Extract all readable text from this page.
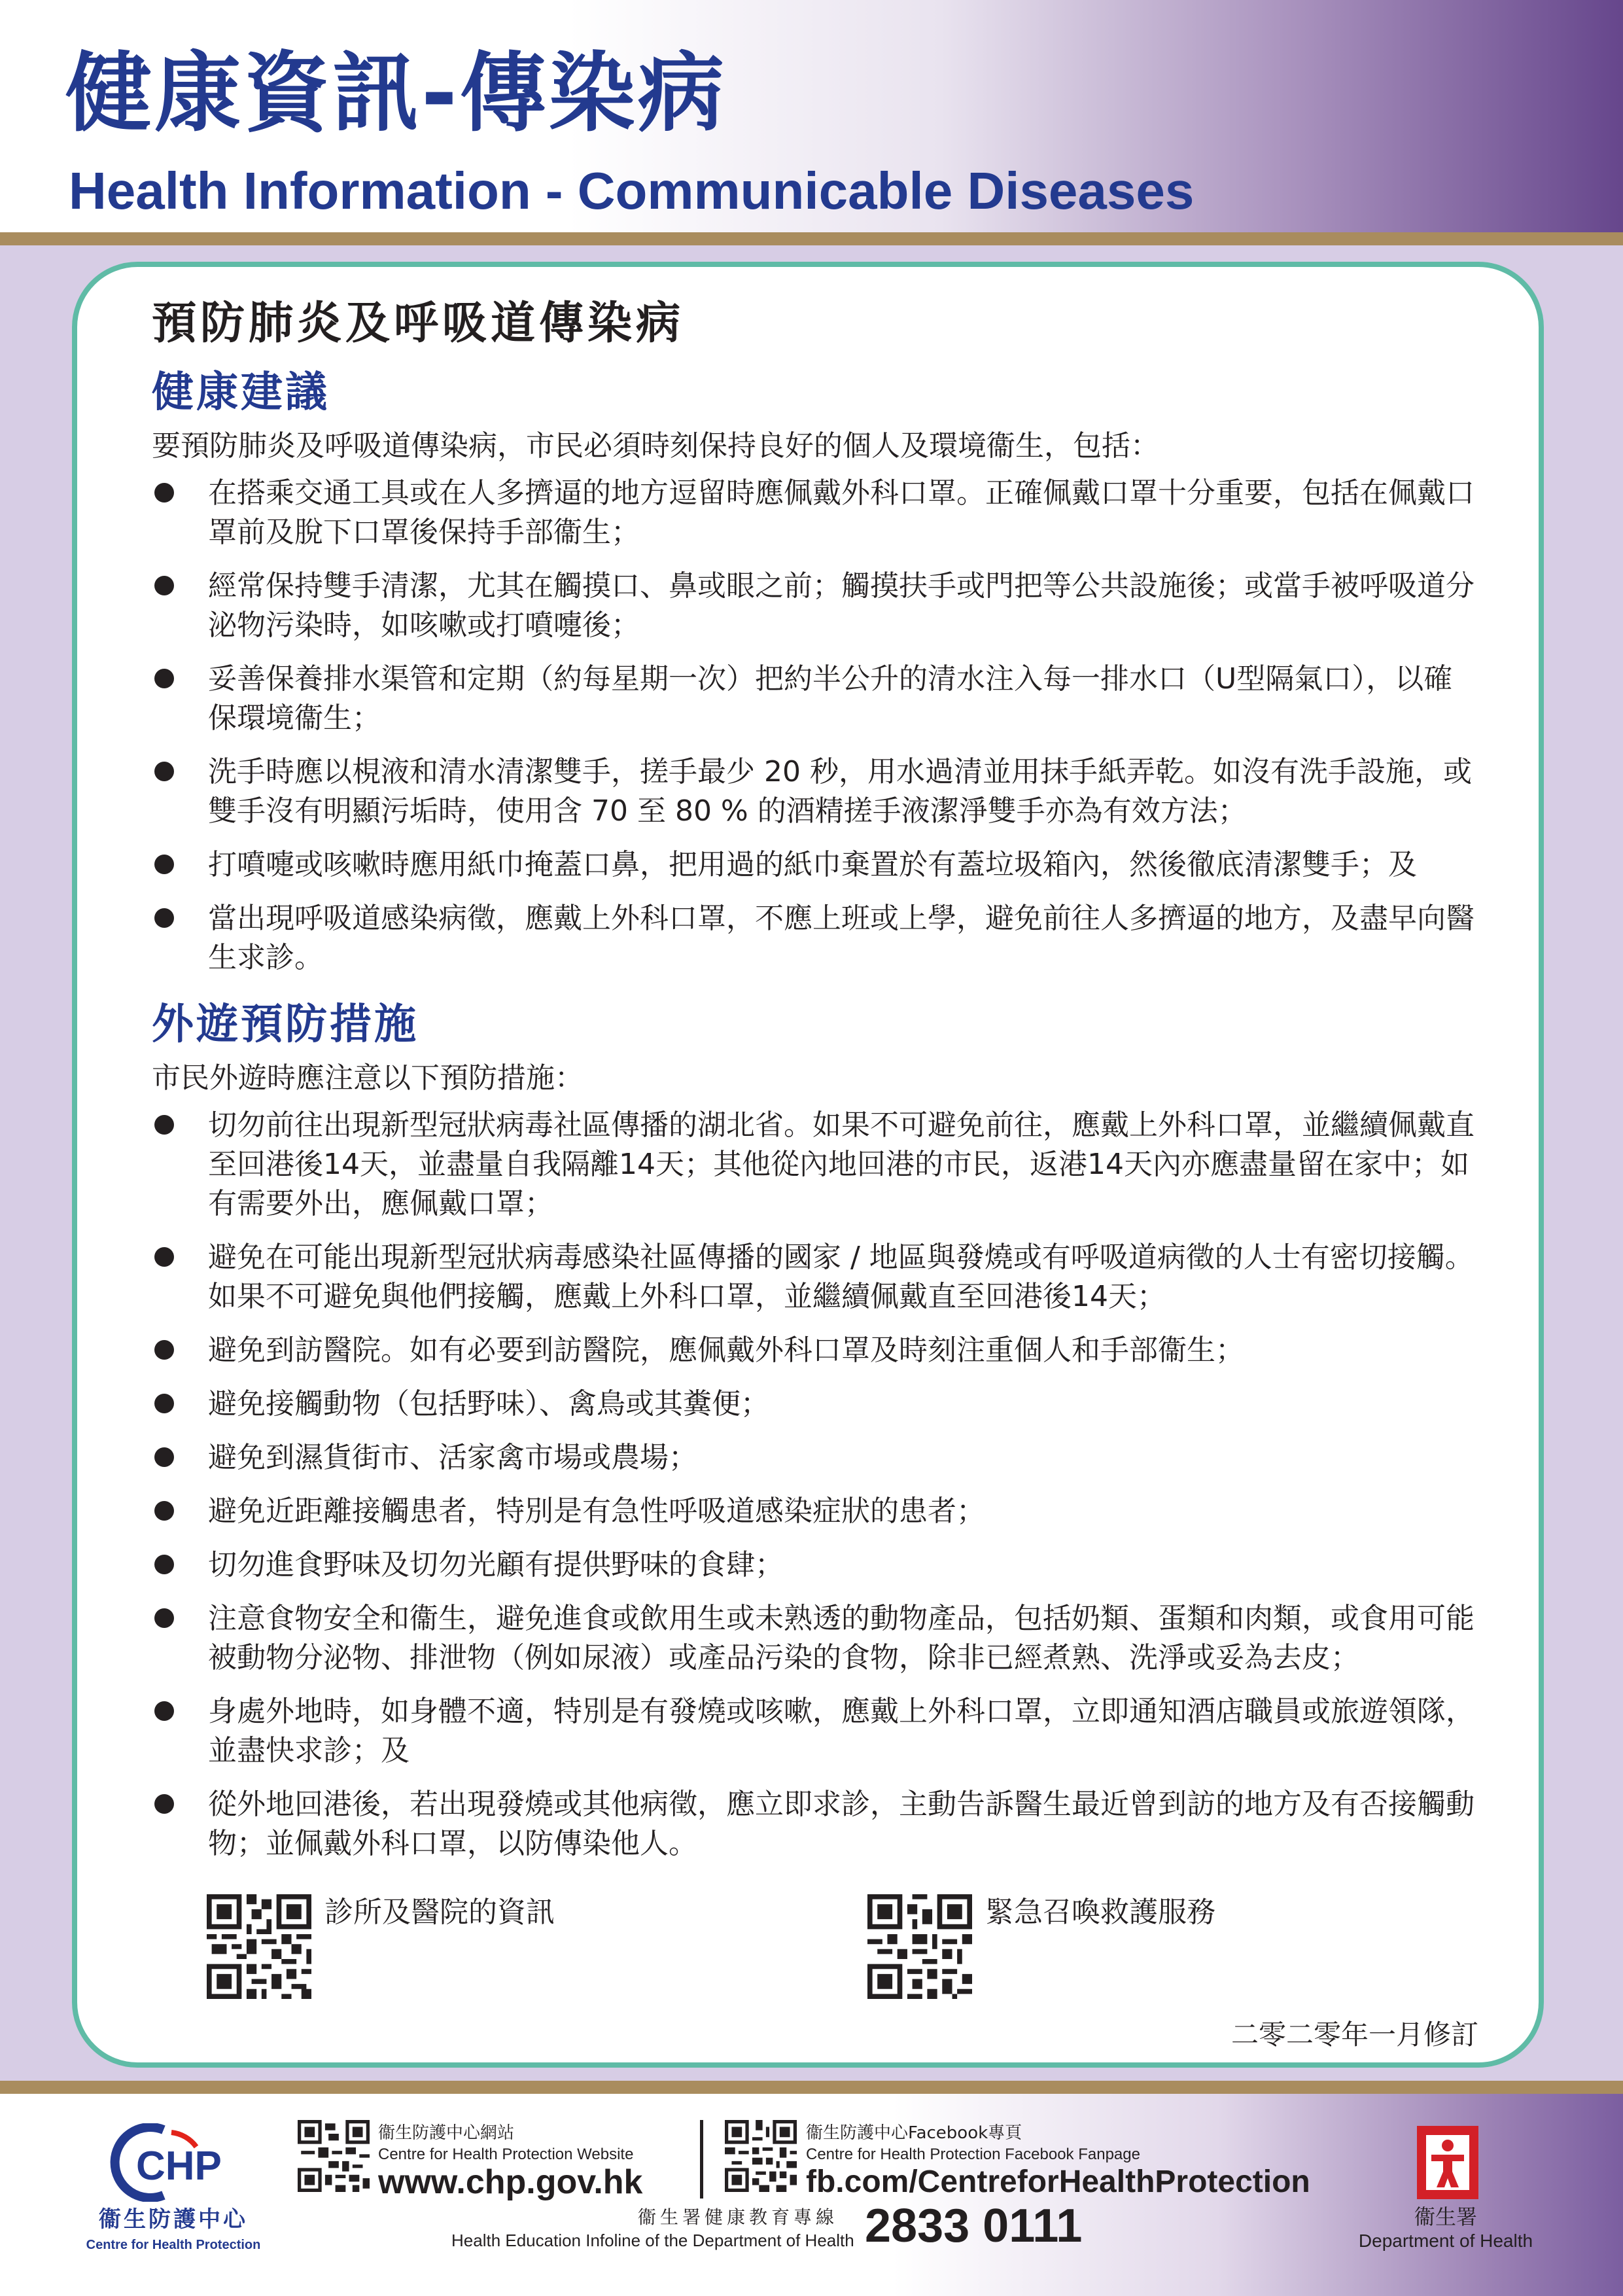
健康資訊-傳染病
Health Information - Communicable Diseases
預防肺炎及呼吸道傳染病
健康建議

要預防肺炎及呼吸道傳染病，市民必須時刻保持良好的個人及環境衞生，包括：

在搭乘交通工具或在人多擠逼的地方逗留時應佩戴外科口罩。正確佩戴口罩十分重要，包括在佩戴口罩前及脫下口罩後保持手部衞生；
經常保持雙手清潔，尤其在觸摸口、鼻或眼之前；觸摸扶手或門把等公共設施後；或當手被呼吸道分泌物污染時，如咳嗽或打噴嚏後；
妥善保養排水渠管和定期（約每星期一次）把約半公升的清水注入每一排水口（U型隔氣口），以確保環境衞生；
洗手時應以梘液和清水清潔雙手，搓手最少 20 秒，用水過清並用抹手紙弄乾。如沒有洗手設施，或雙手沒有明顯污垢時，使用含 70 至 80 % 的酒精搓手液潔淨雙手亦為有效方法；
打噴嚏或咳嗽時應用紙巾掩蓋口鼻，把用過的紙巾棄置於有蓋垃圾箱內，然後徹底清潔雙手；及
當出現呼吸道感染病徵，應戴上外科口罩，不應上班或上學，避免前往人多擠逼的地方，及盡早向醫生求診。
外遊預防措施

市民外遊時應注意以下預防措施：

切勿前往出現新型冠狀病毒社區傳播的湖北省。如果不可避免前往，應戴上外科口罩，並繼續佩戴直至回港後14天，並盡量自我隔離14天；其他從內地回港的市民，返港14天內亦應盡量留在家中；如有需要外出，應佩戴口罩；
避免在可能出現新型冠狀病毒感染社區傳播的國家 / 地區與發燒或有呼吸道病徵的人士有密切接觸。如果不可避免與他們接觸，應戴上外科口罩，並繼續佩戴直至回港後14天；
避免到訪醫院。如有必要到訪醫院，應佩戴外科口罩及時刻注重個人和手部衞生；
避免接觸動物（包括野味）、禽鳥或其糞便；
避免到濕貨街市、活家禽市場或農場；
避免近距離接觸患者，特別是有急性呼吸道感染症狀的患者；
切勿進食野味及切勿光顧有提供野味的食肆；
注意食物安全和衞生，避免進食或飲用生或未熟透的動物產品，包括奶類、蛋類和肉類，或食用可能被動物分泌物、排泄物（例如尿液）或產品污染的食物，除非已經煮熟、洗淨或妥為去皮；
身處外地時，如身體不適，特別是有發燒或咳嗽，應戴上外科口罩，立即通知酒店職員或旅遊領隊，並盡快求診；及
從外地回港後，若出現發燒或其他病徵，應立即求診，主動告訴醫生最近曾到訪的地方及有否接觸動物；並佩戴外科口罩，以防傳染他人。
診所及醫院的資訊	緊急召喚救護服務
二零二零年一月修訂
CHP
衞生防護中心
Centre for Health Protection
衞生防護中心網站
Centre for Health Protection Website
www.chp.gov.hk
衞生防護中心Facebook專頁
Centre for Health Protection Facebook Fanpage
fb.com/CentreforHealthProtection
衞生署健康教育專線
Health Education Infoline of the Department of Health 2833 0111	衞生署
Department of Health
